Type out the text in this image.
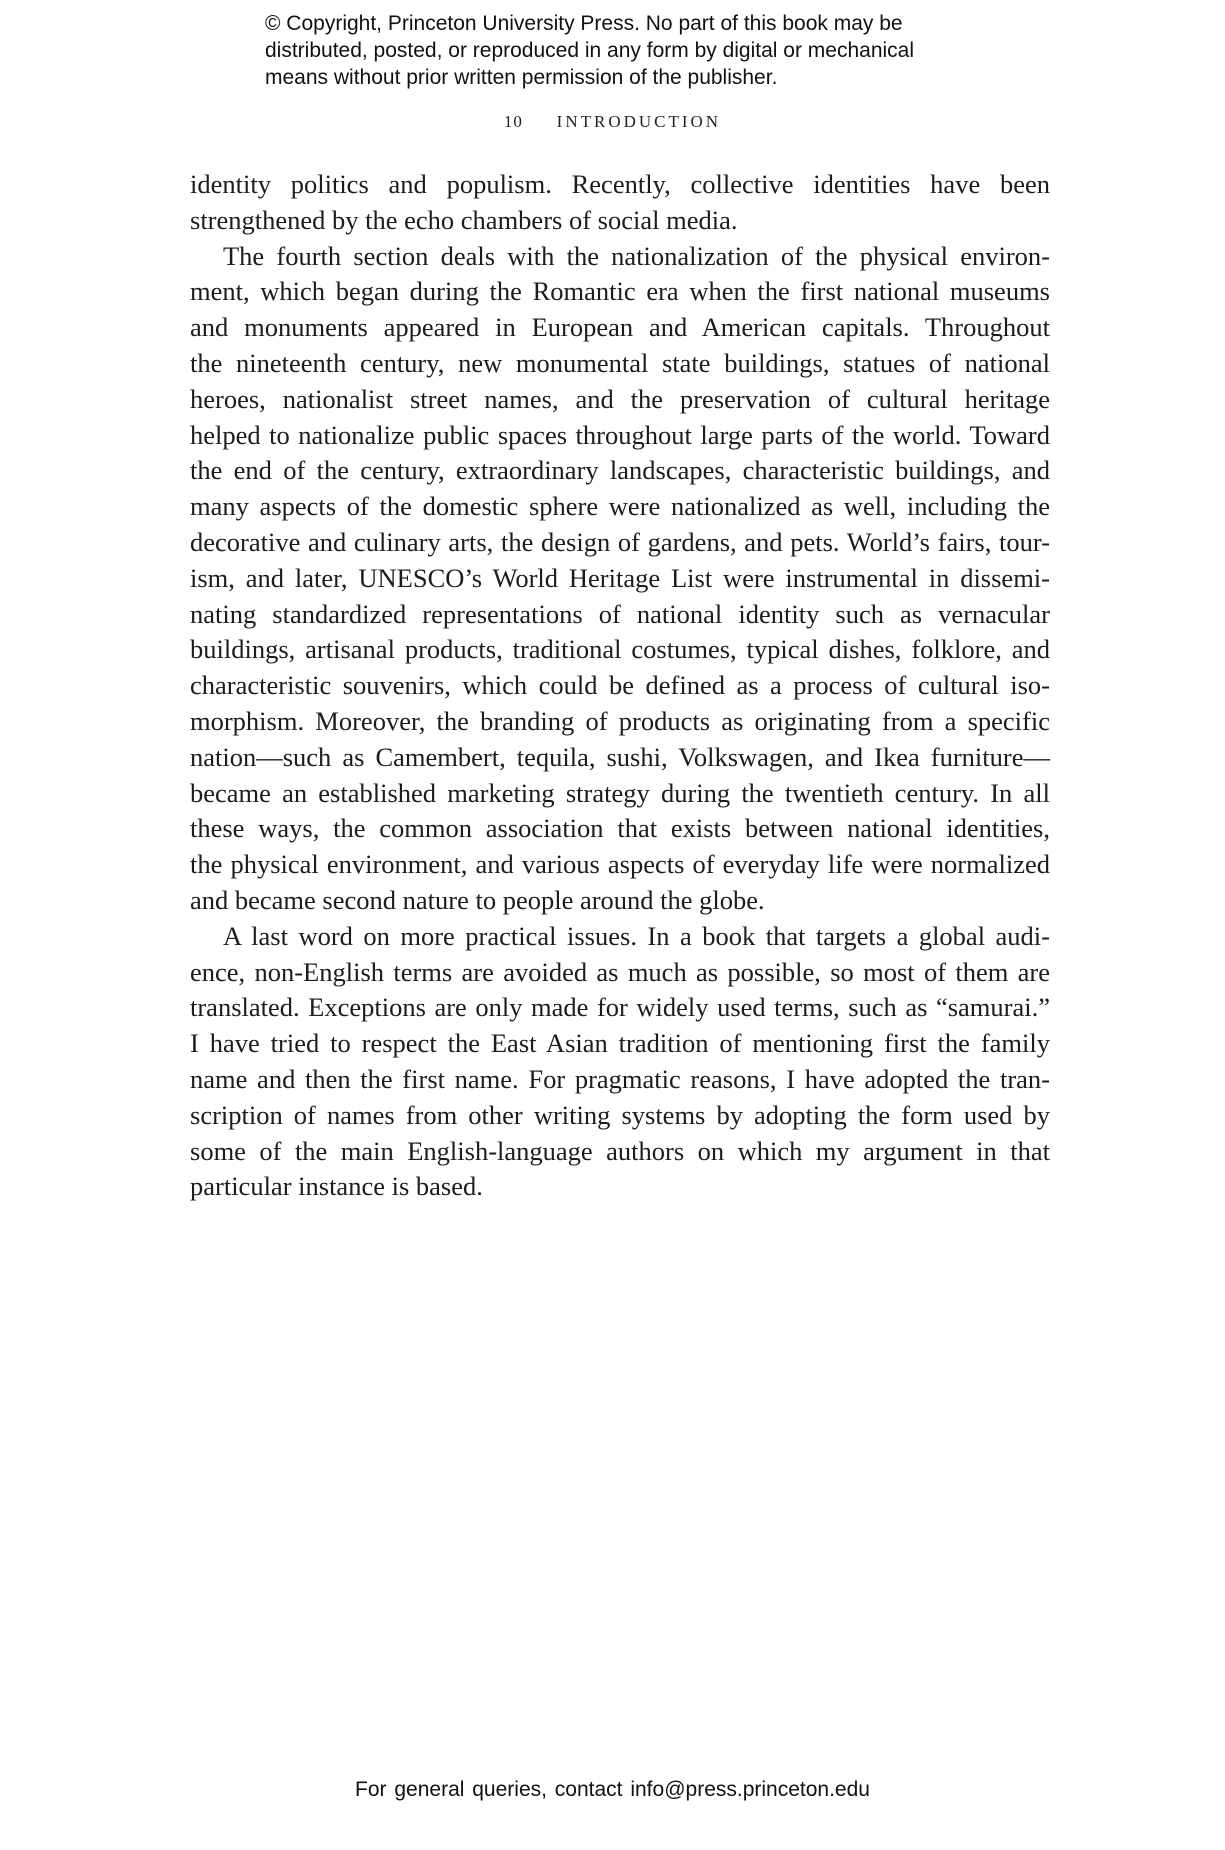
© Copyright, Princeton University Press. No part of this book may be
distributed, posted, or reproduced in any form by digital or mechanical
means without prior written permission of the publisher.
10 INTRODUCTION
identity politics and populism. Recently, collective identities have been
strengthened by the echo chambers of social media.
The fourth section deals with the nationalization of the physical environ-
ment, which began during the Romantic era when the first national museums
and monuments appeared in European and American capitals. Throughout
the nineteenth century, new monumental state buildings, statues of national
heroes, nationalist street names, and the preservation of cultural heritage
helped to nationalize public spaces throughout large parts of the world. Toward
the end of the century, extraordinary landscapes, characteristic buildings, and
many aspects of the domestic sphere were nationalized as well, including the
decorative and culinary arts, the design of gardens, and pets. World’s fairs, tour-
ism, and later, UNESCO’s World Heritage List were instrumental in dissemi-
nating standardized representations of national identity such as vernacular
buildings, artisanal products, traditional costumes, typical dishes, folklore, and
characteristic souvenirs, which could be defined as a process of cultural iso-
morphism. Moreover, the branding of products as originating from a specific
nation—such as Camembert, tequila, sushi, Volkswagen, and Ikea furniture—
became an established marketing strategy during the twentieth century. In all
these ways, the common association that exists between national identities,
the physical environment, and various aspects of everyday life were normalized
and became second nature to people around the globe.
A last word on more practical issues. In a book that targets a global audi-
ence, non-English terms are avoided as much as possible, so most of them are
translated. Exceptions are only made for widely used terms, such as “samurai.”
I have tried to respect the East Asian tradition of mentioning first the family
name and then the first name. For pragmatic reasons, I have adopted the tran-
scription of names from other writing systems by adopting the form used by
some of the main English-language authors on which my argument in that
particular instance is based.
For general queries, contact info@press.princeton.edu
